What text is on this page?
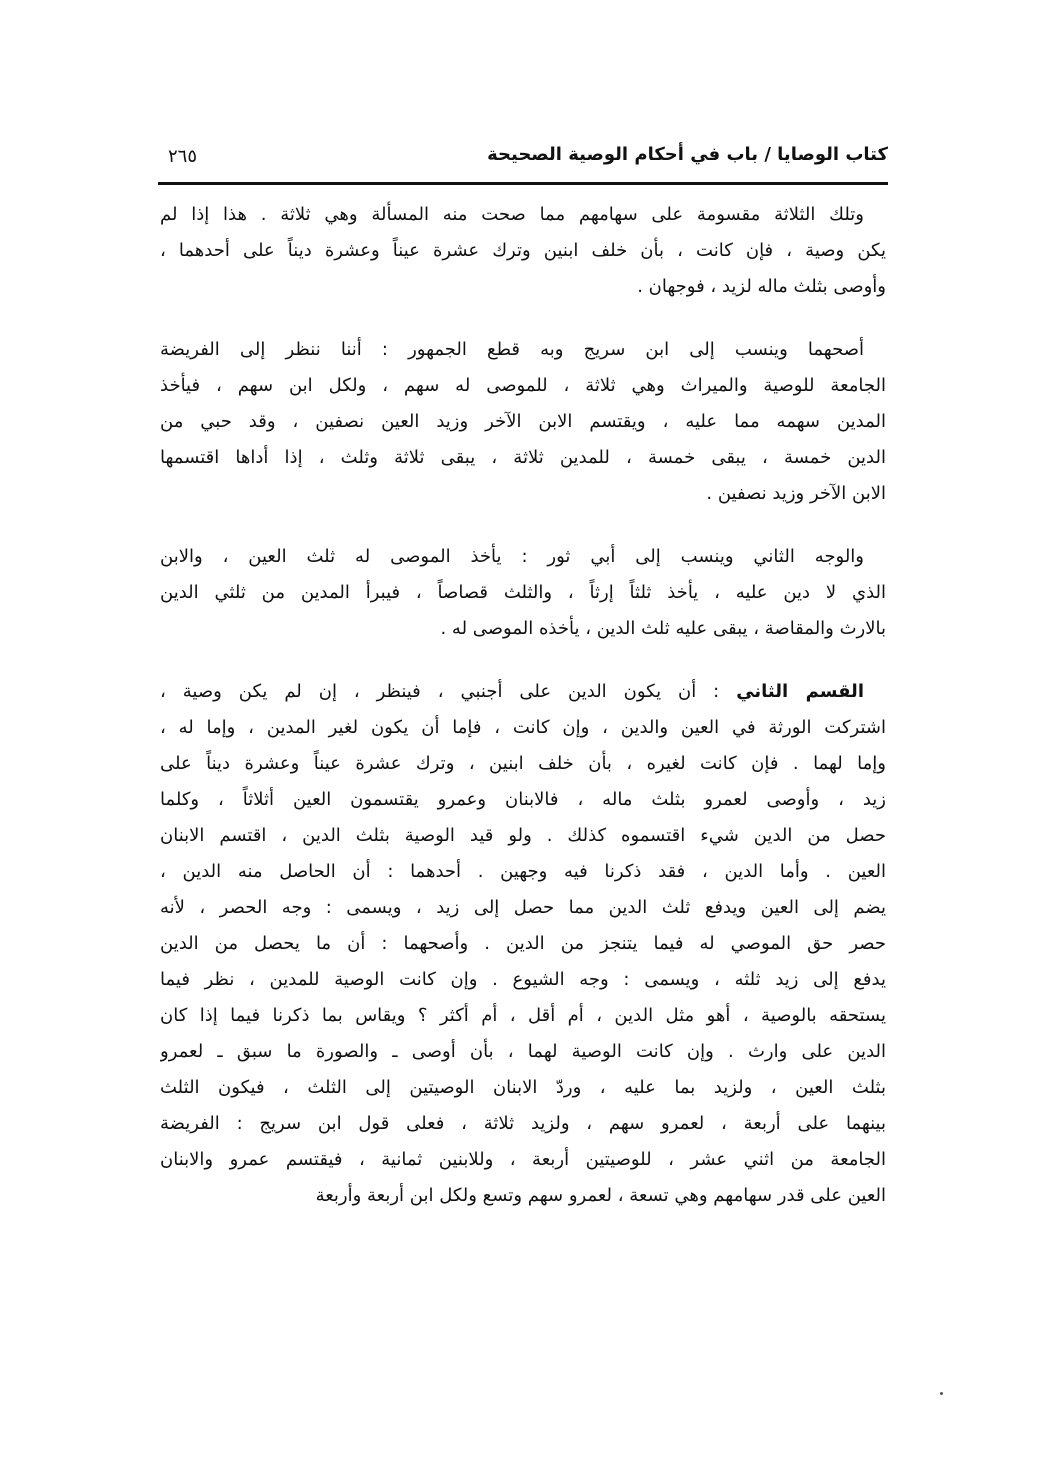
كتاب الوصايا / باب في أحكام الوصية الصحيحة
٢٦٥
وتلك الثلاثة مقسومة على سهامهم مما صحت منه المسألة وهي ثلاثة . هذا إذا لم
يكن وصية ، فإن كانت ، بأن خلف ابنين وترك عشرة عيناً وعشرة ديناً على أحدهما ،
وأوصى بثلث ماله لزيد ، فوجهان .
أصحهما وينسب إلى ابن سريج وبه قطع الجمهور : أننا ننظر إلى الفريضة
الجامعة للوصية والميراث وهي ثلاثة ، للموصى له سهم ، ولكل ابن سهم ، فيأخذ
المدين سهمه مما عليه ، ويقتسم الابن الآخر وزيد العين نصفين ، وقد حبي من
الدين خمسة ، يبقى خمسة ، للمدين ثلاثة ، يبقى ثلاثة وثلث ، إذا أداها اقتسمها
الابن الآخر وزيد نصفين .
والوجه الثاني وينسب إلى أبي ثور : يأخذ الموصى له ثلث العين ، والابن
الذي لا دين عليه ، يأخذ ثلثاً إرثاً ، والثلث قصاصاً ، فيبرأ المدين من ثلثي الدين
بالارث والمقاصة ، يبقى عليه ثلث الدين ، يأخذه الموصى له .
القسم الثاني : أن يكون الدين على أجنبي ، فينظر ، إن لم يكن وصية ،
اشتركت الورثة في العين والدين ، وإن كانت ، فإما أن يكون لغير المدين ، وإما له ،
وإما لهما . فإن كانت لغيره ، بأن خلف ابنين ، وترك عشرة عيناً وعشرة ديناً على
زيد ، وأوصى لعمرو بثلث ماله ، فالابنان وعمرو يقتسمون العين أثلاثاً ، وكلما
حصل من الدين شيء اقتسموه كذلك . ولو قيد الوصية بثلث الدين ، اقتسم الابنان
العين . وأما الدين ، فقد ذكرنا فيه وجهين . أحدهما : أن الحاصل منه الدين ،
يضم إلى العين ويدفع ثلث الدين مما حصل إلى زيد ، ويسمى : وجه الحصر ، لأنه
حصر حق الموصي له فيما يتنجز من الدين . وأصحهما : أن ما يحصل من الدين
يدفع إلى زيد ثلثه ، ويسمى : وجه الشيوع . وإن كانت الوصية للمدين ، نظر فيما
يستحقه بالوصية ، أهو مثل الدين ، أم أقل ، أم أكثر ؟ ويقاس بما ذكرنا فيما إذا كان
الدين على وارث . وإن كانت الوصية لهما ، بأن أوصى ـ والصورة ما سبق ـ لعمرو
بثلث العين ، ولزيد بما عليه ، وردّ الابنان الوصيتين إلى الثلث ، فيكون الثلث
بينهما على أربعة ، لعمرو سهم ، ولزيد ثلاثة ، فعلى قول ابن سريج : الفريضة
الجامعة من اثني عشر ، للوصيتين أربعة ، وللابنين ثمانية ، فيقتسم عمرو والابنان
العين على قدر سهامهم وهي تسعة ، لعمرو سهم وتسع ولكل ابن أربعة وأربعة
